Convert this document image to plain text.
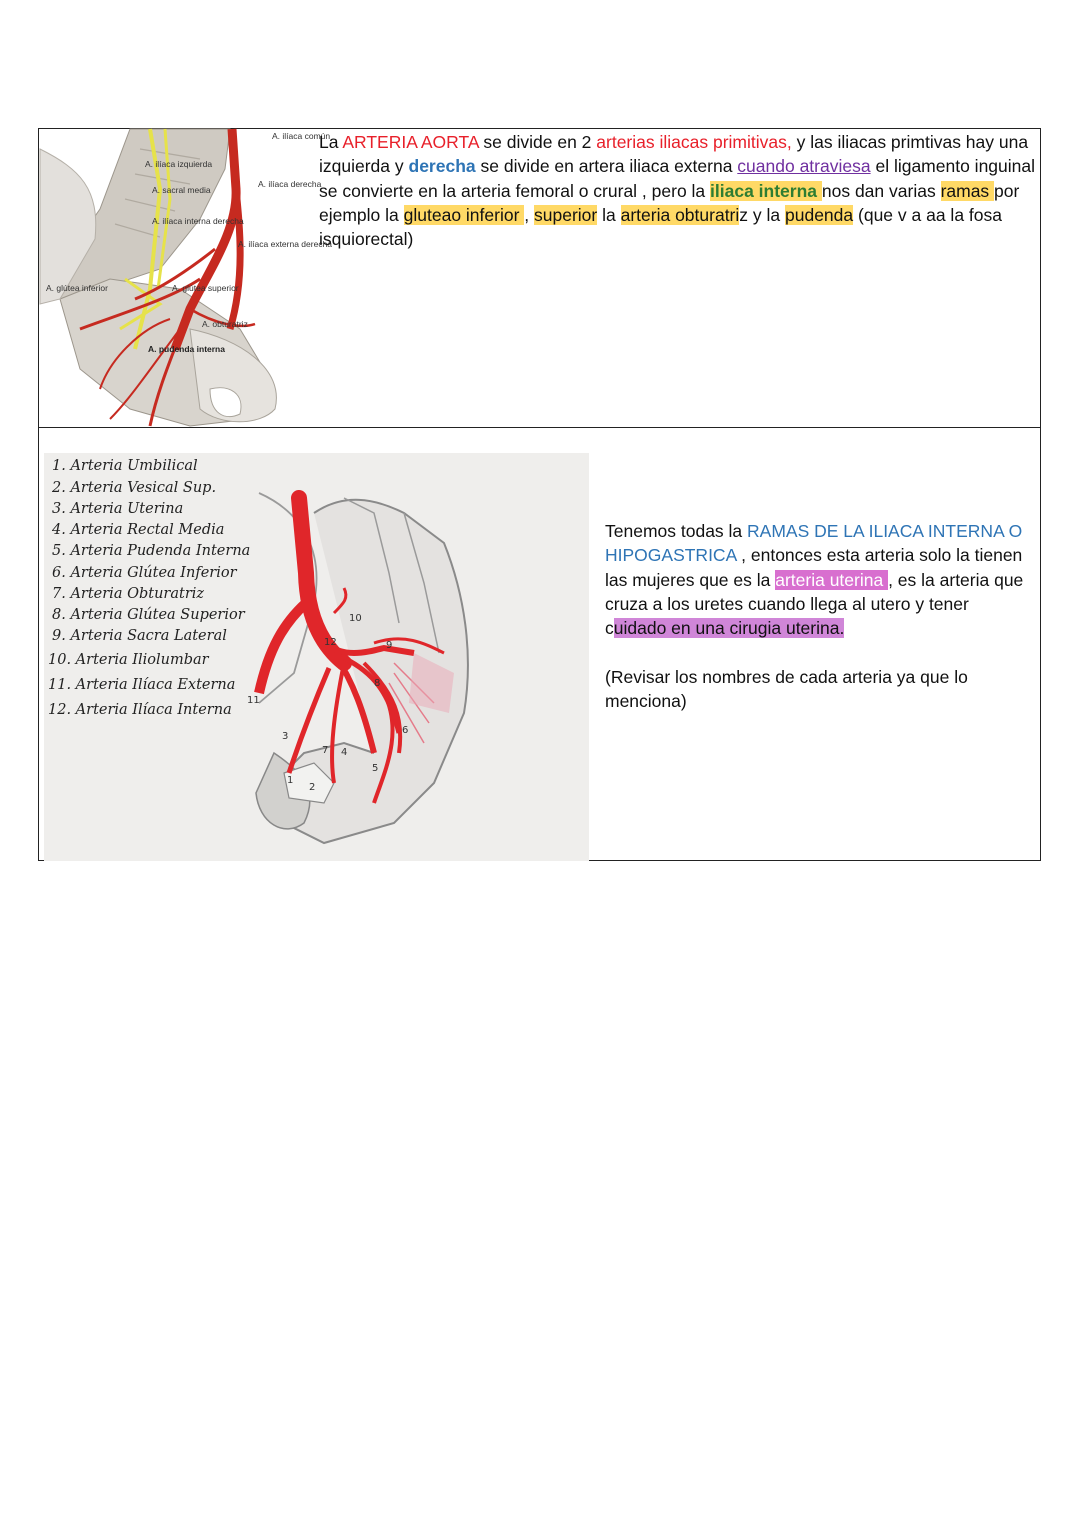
A. ilíaca común
A. ilíaca izquierda
A. sacral media
A. ilíaca derecha
A. ilíaca interna derecha
A. ilíaca externa derecha
A. glútea inferior	A. glútea superior
A. obturatriz
A. pudenda interna
1. Arteria Umbilical
2. Arteria Vesical Sup.
3. Arteria Uterina
4. Arteria Rectal Media
5. Arteria Pudenda Interna
6. Arteria Glútea Inferior
7. Arteria Obturatriz
8. Arteria Glútea Superior
9. Arteria Sacra Lateral
10. Arteria Iliolumbar
11. Arteria Ilíaca Externa
12. Arteria Ilíaca Interna
1
2
3
4
5
6
7
8
9
10
11
12
La ARTERIA AORTA se divide en 2 arterias iliacas primitivas, y las iliacas primtivas hay una izquierda y derecha se divide en artera iliaca externa cuando atraviesa el ligamento inguinal se convierte en la arteria femoral o crural , pero la iliaca interna nos dan varias ramas por ejemplo la gluteao inferior , superior la arteria obturatriz y la pudenda (que v a aa la fosa isquiorectal)
Tenemos todas la RAMAS DE LA ILIACA INTERNA O HIPOGASTRICA , entonces esta arteria solo la tienen las mujeres que es la arteria uterina , es la arteria que cruza a los uretes cuando llega al utero y tener cuidado en una cirugia uterina.
(Revisar los nombres de cada arteria ya que lo menciona)
